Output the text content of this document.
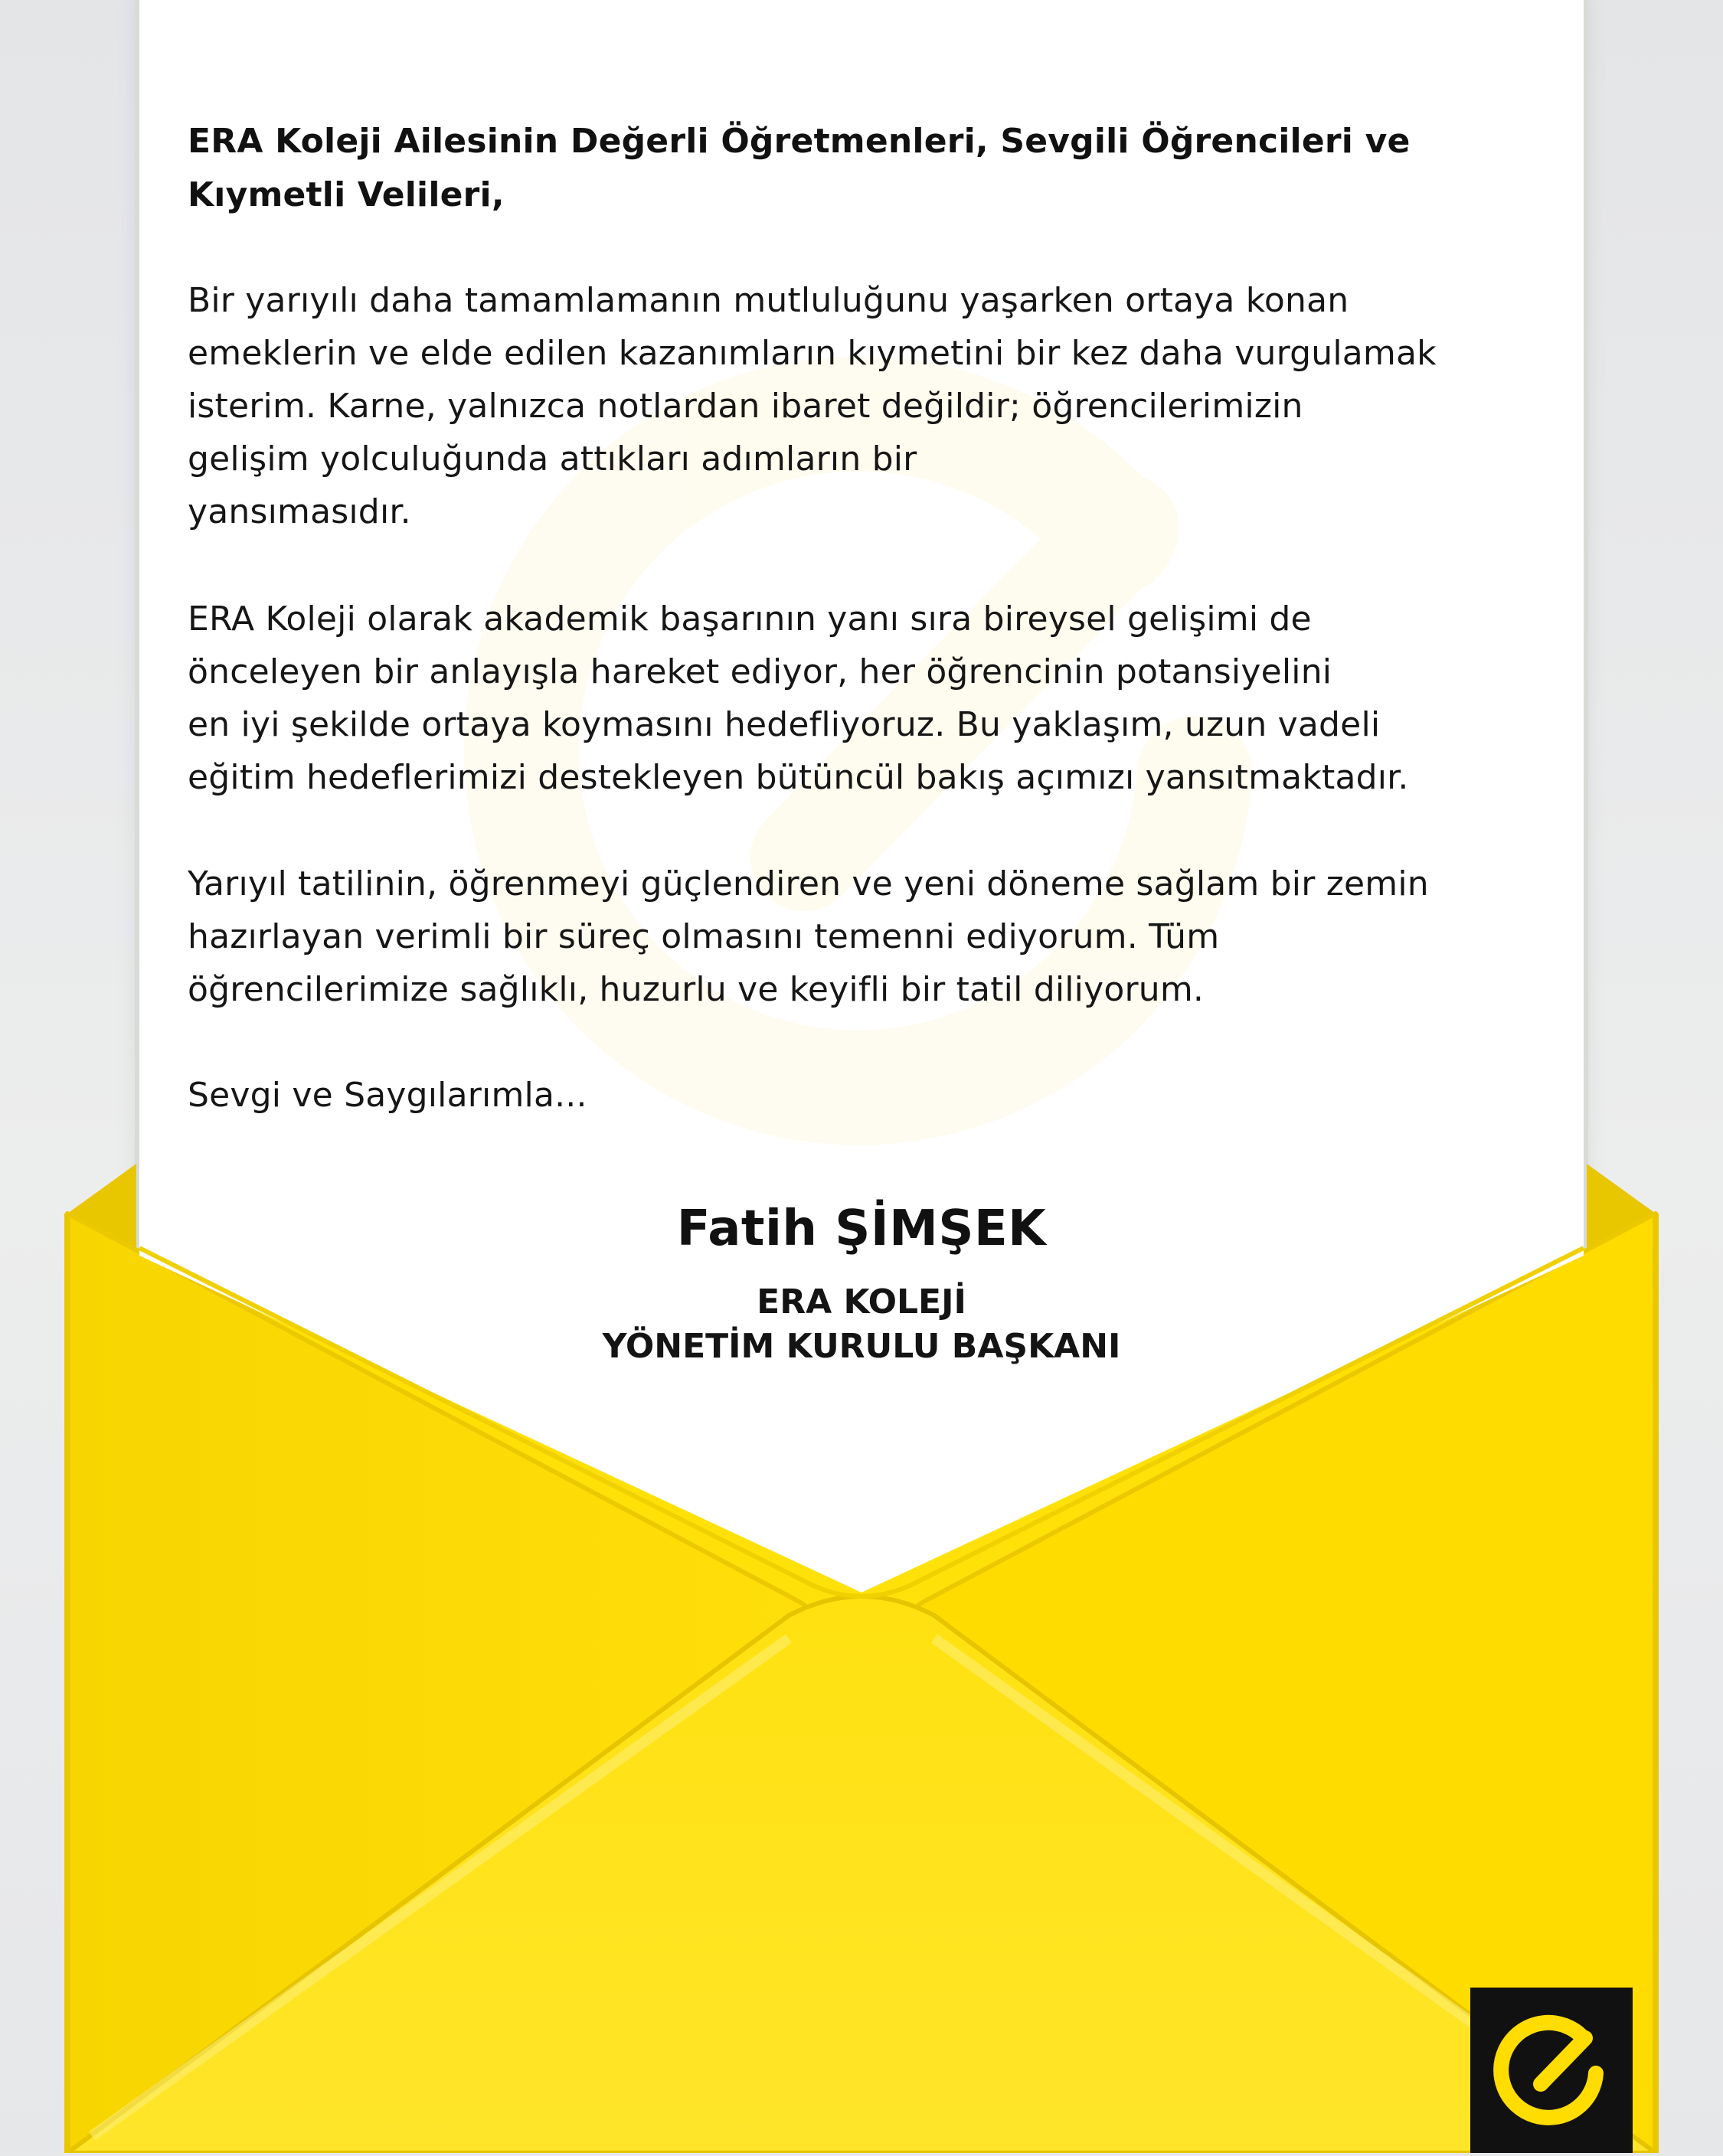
ERA Koleji Ailesinin Değerli Öğretmenleri, Sevgili Öğrencileri ve
Kıymetli Velileri,
Bir yarıyılı daha tamamlamanın mutluluğunu yaşarken ortaya konan
emeklerin ve elde edilen kazanımların kıymetini bir kez daha vurgulamak
isterim. Karne, yalnızca notlardan ibaret değildir; öğrencilerimizin
gelişim yolculuğunda attıkları adımların bir
yansımasıdır.
ERA Koleji olarak akademik başarının yanı sıra bireysel gelişimi de
önceleyen bir anlayışla hareket ediyor, her öğrencinin potansiyelini
en iyi şekilde ortaya koymasını hedefliyoruz. Bu yaklaşım, uzun vadeli
eğitim hedeflerimizi destekleyen bütüncül bakış açımızı yansıtmaktadır.
Yarıyıl tatilinin, öğrenmeyi güçlendiren ve yeni döneme sağlam bir zemin
hazırlayan verimli bir süreç olmasını temenni ediyorum. Tüm
öğrencilerimize sağlıklı, huzurlu ve keyifli bir tatil diliyorum.
Sevgi ve Saygılarımla...
Fatih ŞİMŞEK
ERA KOLEJİ
YÖNETİM KURULU BAŞKANI
